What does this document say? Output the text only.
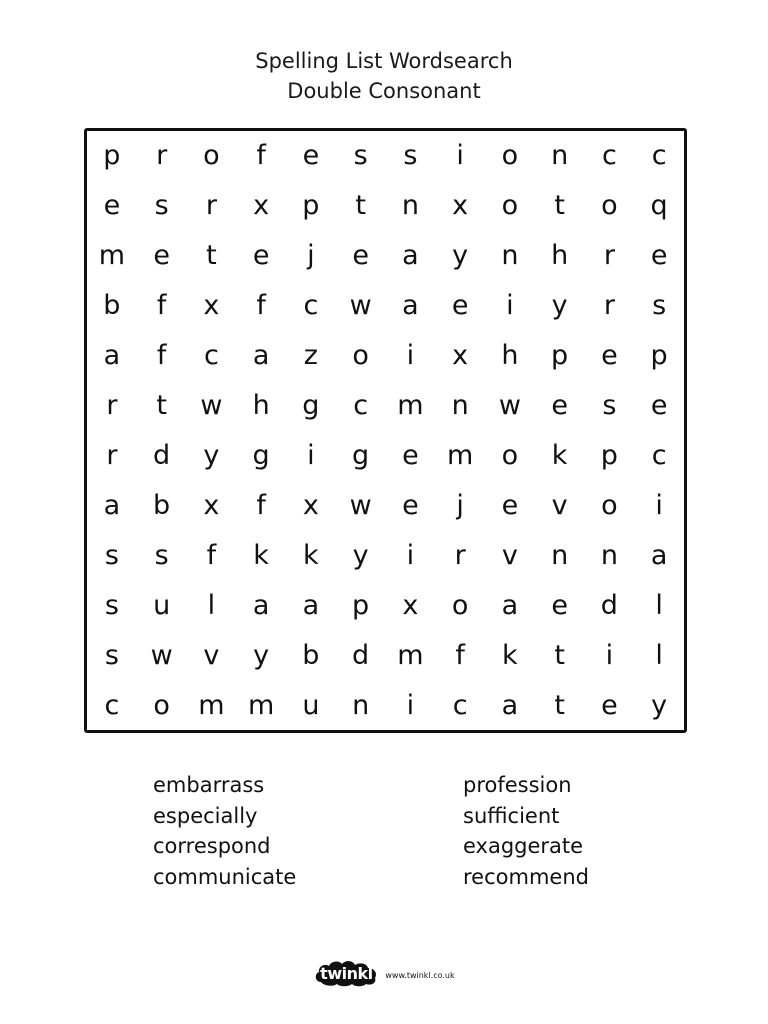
Spelling List Wordsearch
Double Consonant
p	r	o	f	e	s	s	i	o	n	c	c
e	s	r	x	p	t	n	x	o	t	o	q
m	e	t	e	j	e	a	y	n	h	r	e
b	f	x	f	c	w	a	e	i	y	r	s
a	f	c	a	z	o	i	x	h	p	e	p
r	t	w	h	g	c	m	n	w	e	s	e
r	d	y	g	i	g	e	m	o	k	p	c
a	b	x	f	x	w	e	j	e	v	o	i
s	s	f	k	k	y	i	r	v	n	n	a
s	u	l	a	a	p	x	o	a	e	d	l
s	w	v	y	b	d	m	f	k	t	i	l
c	o	m m	u	n	i	c	a	t	e	y
embarrass
especially
correspond
communicate
profession
sufficient
exaggerate
recommend
twinkl	www.twinkl.co.uk
